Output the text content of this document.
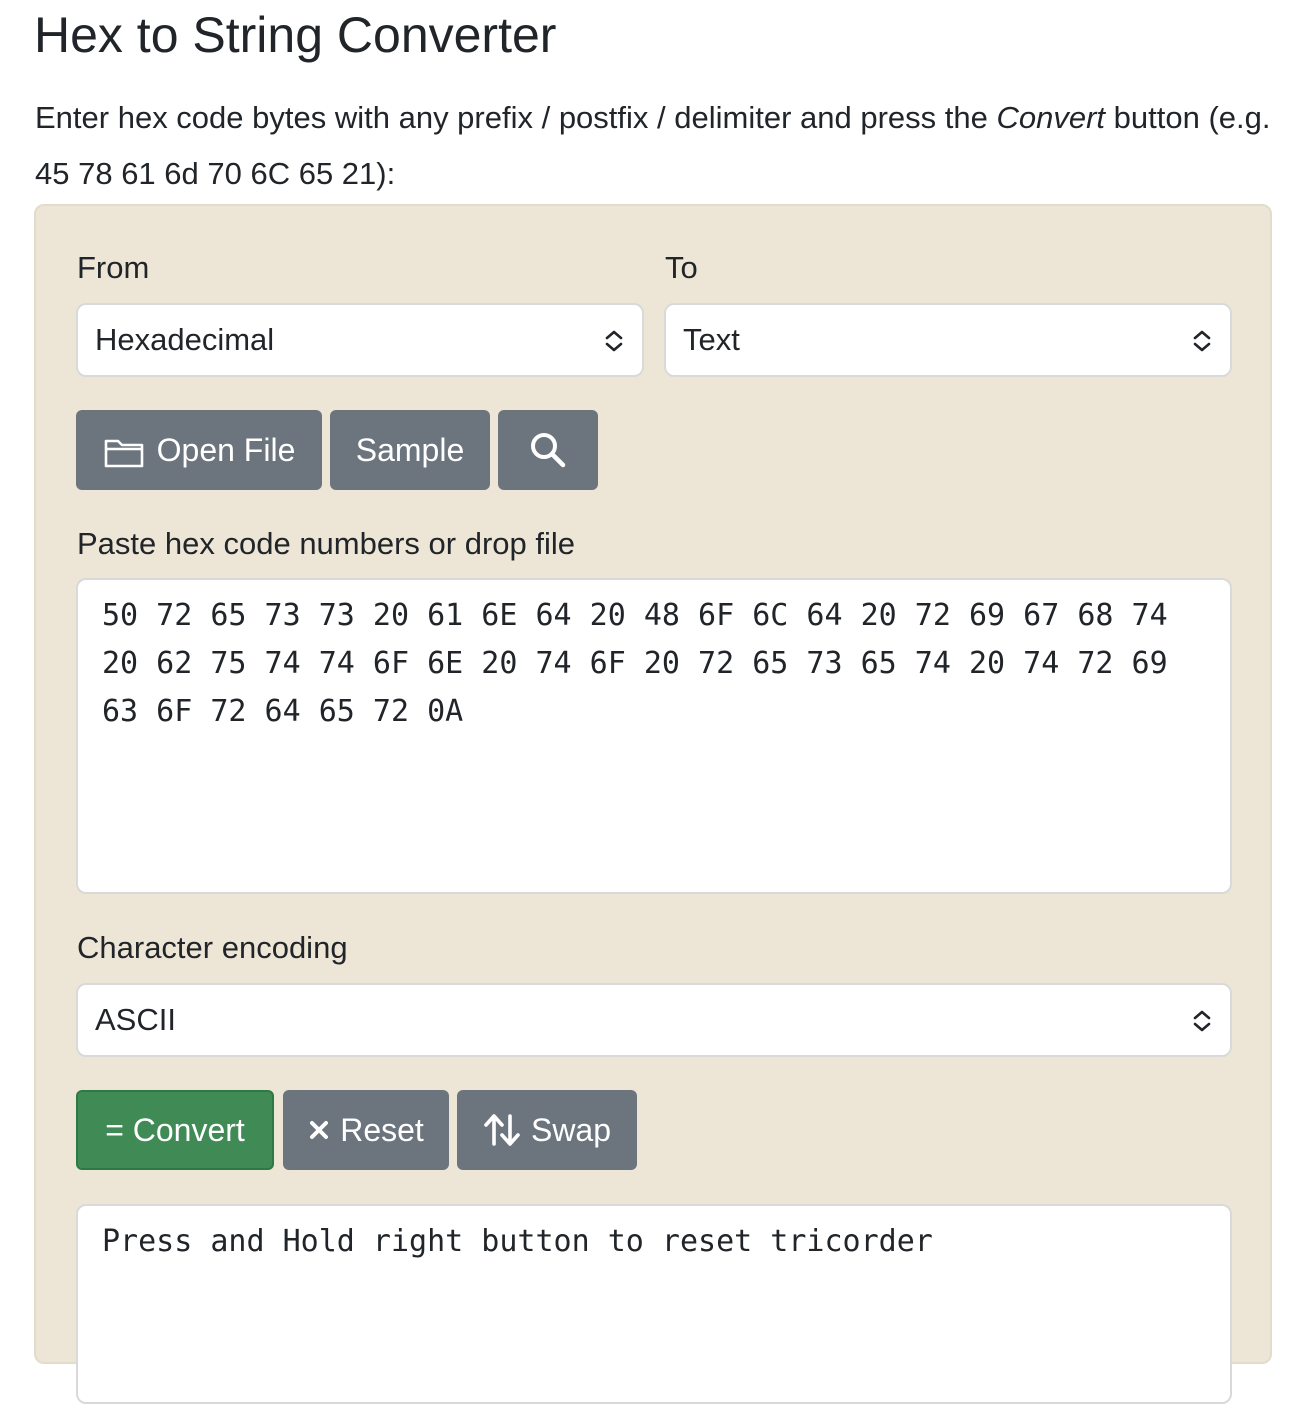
Hex to String Converter
Enter hex code bytes with any prefix / postfix / delimiter and press the Convert button (e.g. 45 78 61 6d 70 6C 65 21):
From	To
Hexadecimal	Text
Open File Sample
Paste hex code numbers or drop file
50 72 65 73 73 20 61 6E 64 20 48 6F 6C 64 20 72 69 67 68 74 20 62 75 74 74 6F 6E 20 74 6F 20 72 65 73 65 74 20 74 72 69 63 6F 72 64 65 72 0A
Character encoding
ASCII
= Convert	Reset	Swap
Press and Hold right button to reset tricorder
